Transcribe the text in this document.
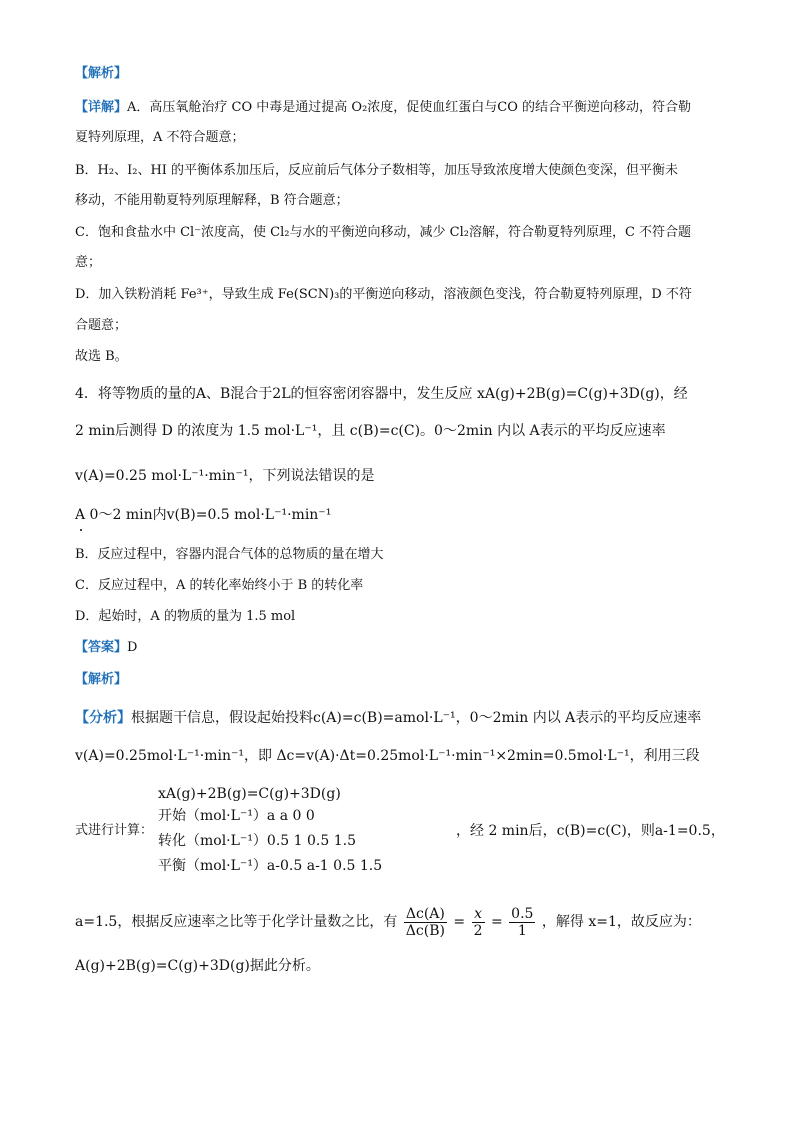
【解析】
【详解】A．高压氧舱治疗 CO 中毒是通过提高 O₂浓度，促使血红蛋白与CO 的结合平衡逆向移动，符合勒
夏特列原理，A 不符合题意；
B．H₂、I₂、HI 的平衡体系加压后，反应前后气体分子数相等，加压导致浓度增大使颜色变深，但平衡未
移动，不能用勒夏特列原理解释，B 符合题意；
C．饱和食盐水中 Cl⁻浓度高，使 Cl₂与水的平衡逆向移动，减少 Cl₂溶解，符合勒夏特列原理，C 不符合题
意；
D．加入铁粉消耗 Fe³⁺，导致生成 Fe(SCN)₃的平衡逆向移动，溶液颜色变浅，符合勒夏特列原理，D 不符
合题意；
故选 B。
4．将等物质的量的A、B混合于2L的恒容密闭容器中，发生反应 xA(g)+2B(g)=C(g)+3D(g)，经
2 min后测得 D 的浓度为 1.5 mol·L⁻¹，且 c(B)=c(C)。0～2min 内以 A表示的平均反应速率
v(A)=0.25 mol·L⁻¹·min⁻¹，下列说法错误的是
A 0～2 min内v(B)=0.5 mol·L⁻¹·min⁻¹
B．反应过程中，容器内混合气体的总物质的量在增大
C．反应过程中，A 的转化率始终小于 B 的转化率
D．起始时，A 的物质的量为 1.5 mol
【答案】D
【解析】
【分析】根据题干信息，假设起始投料c(A)=c(B)=amol·L⁻¹，0～2min 内以 A表示的平均反应速率
v(A)=0.25mol·L⁻¹·min⁻¹，即 Δc=v(A)·Δt=0.25mol·L⁻¹·min⁻¹×2min=0.5mol·L⁻¹，利用三段
xA(g)+2B(g)=C(g)+3D(g)
开始（mol·L⁻¹）a a 0 0
转化（mol·L⁻¹）0.5 1 0.5 1.5
平衡（mol·L⁻¹）a-0.5 a-1 0.5 1.5
式进行计算：	，经 2 min后，c(B)=c(C)，则a-1=0.5，
a=1.5，根据反应速率之比等于化学计量数之比，有 $\frac{\Delta c(A)}{\Delta c(B)} = \frac{x}{2} = \frac{0.5}{1}$ ，解得 x=1，故反应为：
A(g)+2B(g)=C(g)+3D(g)据此分析。
